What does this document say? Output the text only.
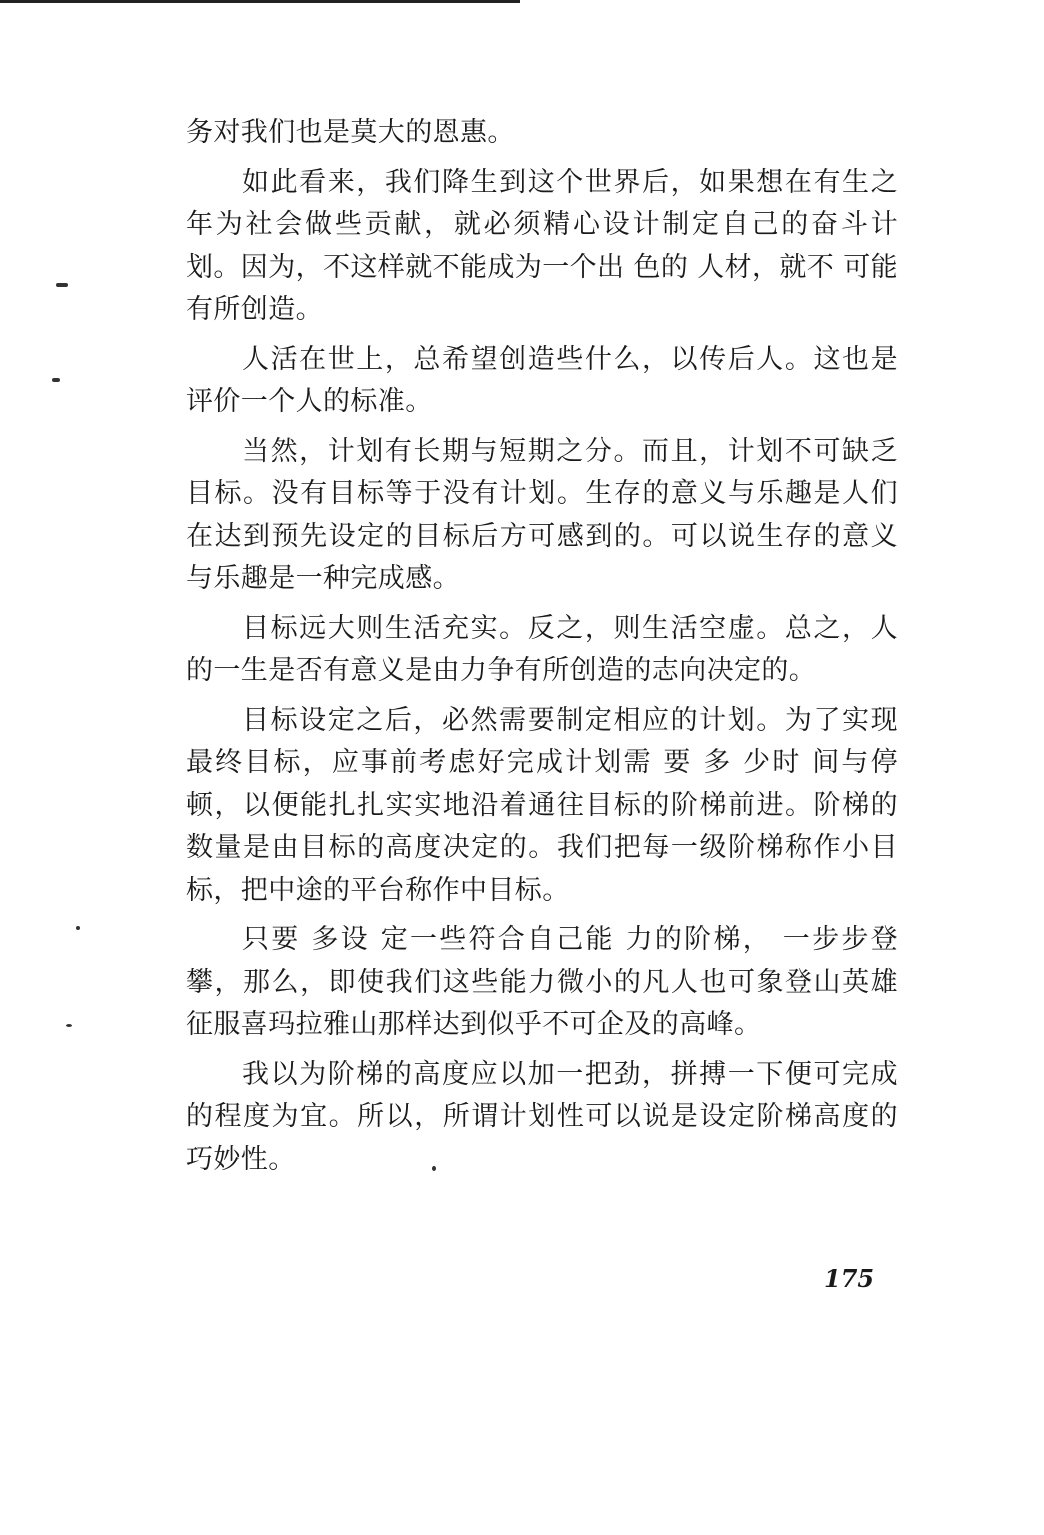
务对我们也是莫大的恩惠。

如此看来，我们降生到这个世界后，如果想在有生之年为社会做些贡献，就必须精心设计制定自己的奋斗计划。因为，不这样就不能成为一个出 色的 人材，就不 可能 有所创造。

人活在世上，总希望创造些什么，以传后人。这也是评价一个人的标准。

当然，计划有长期与短期之分。而且，计划不可缺乏目标。没有目标等于没有计划。生存的意义与乐趣是人们在达到预先设定的目标后方可感到的。可以说生存的意义与乐趣是一种完成感。

目标远大则生活充实。反之，则生活空虚。总之，人的一生是否有意义是由力争有所创造的志向决定的。

目标设定之后，必然需要制定相应的计划。为了实现最终目标，应事前考虑好完成计划需 要 多 少时 间与停顿，以便能扎扎实实地沿着通往目标的阶梯前进。阶梯的数量是由目标的高度决定的。我们把每一级阶梯称作小目标，把中途的平台称作中目标。

只要 多设 定一些符合自己能 力的阶梯， 一步步登攀，那么，即使我们这些能力微小的凡人也可象登山英雄征服喜玛拉雅山那样达到似乎不可企及的高峰。

我以为阶梯的高度应以加一把劲，拼搏一下便可完成的程度为宜。所以，所谓计划性可以说是设定阶梯高度的巧妙性。

175
